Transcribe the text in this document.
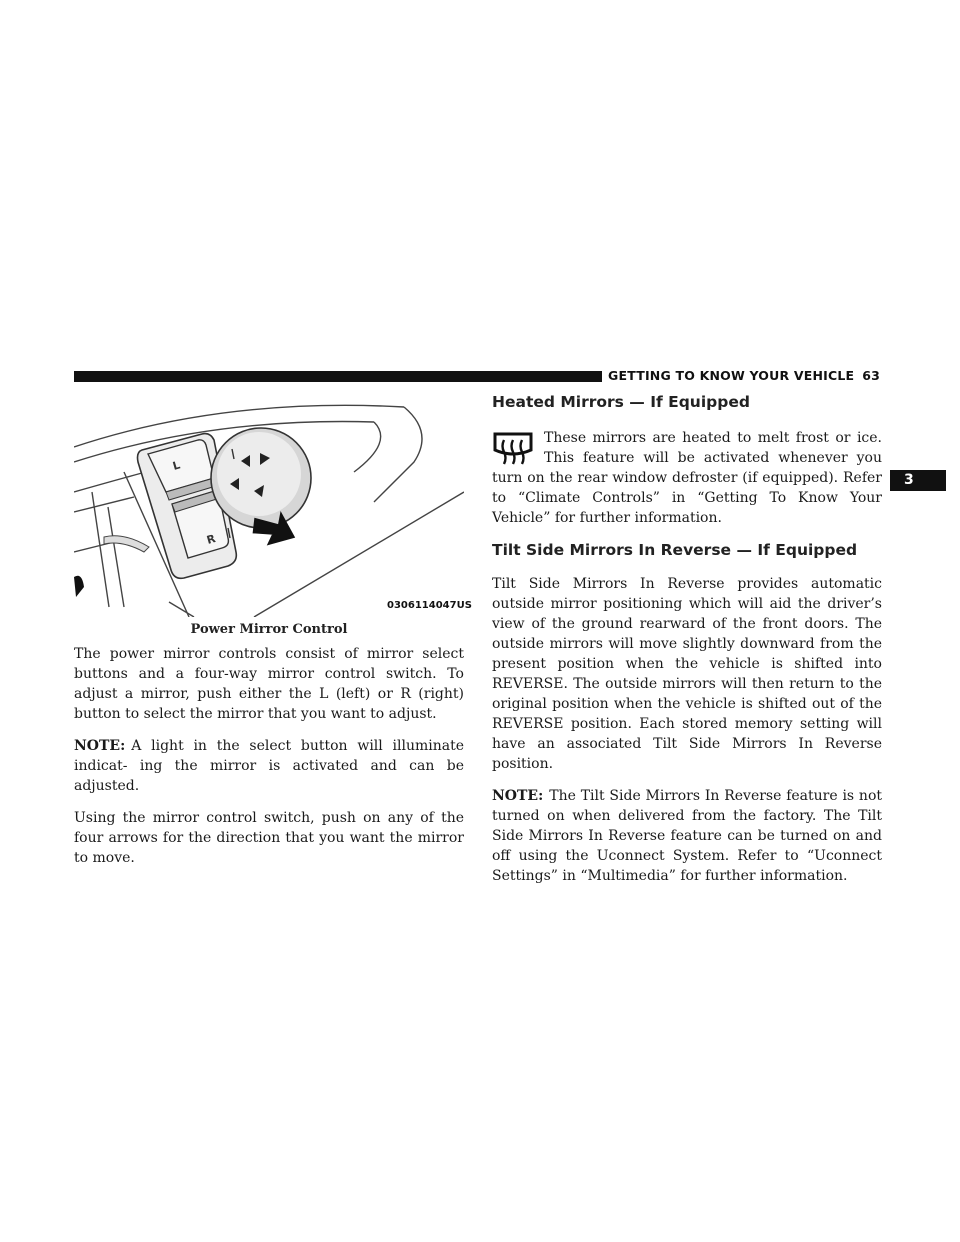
GETTING TO KNOW YOUR VEHICLE 63
3
L
R
0306114047US
Power Mirror Control

The power mirror controls consist of mirror select buttons and a four-way mirror control switch. To adjust a mirror, push either the L (left) or R (right) button to select the mirror that you want to adjust.

NOTE: A light in the select button will illuminate indicat- ing the mirror is activated and can be adjusted.

Using the mirror control switch, push on any of the four arrows for the direction that you want the mirror to move.

Heated Mirrors — If Equipped

These mirrors are heated to melt frost or ice. This feature will be activated whenever you turn on the rear window defroster (if equipped). Refer to “Climate Controls” in “Getting To Know Your Vehicle” for further information.

Tilt Side Mirrors In Reverse — If Equipped

Tilt Side Mirrors In Reverse provides automatic outside mirror positioning which will aid the driver’s view of the ground rearward of the front doors. The outside mirrors will move slightly downward from the present position when the vehicle is shifted into REVERSE. The outside mirrors will then return to the original position when the vehicle is shifted out of the REVERSE position. Each stored memory setting will have an associated Tilt Side Mirrors In Reverse position.

NOTE: The Tilt Side Mirrors In Reverse feature is not turned on when delivered from the factory. The Tilt Side Mirrors In Reverse feature can be turned on and off using the Uconnect System. Refer to “Uconnect Settings” in “Multimedia” for further information.
